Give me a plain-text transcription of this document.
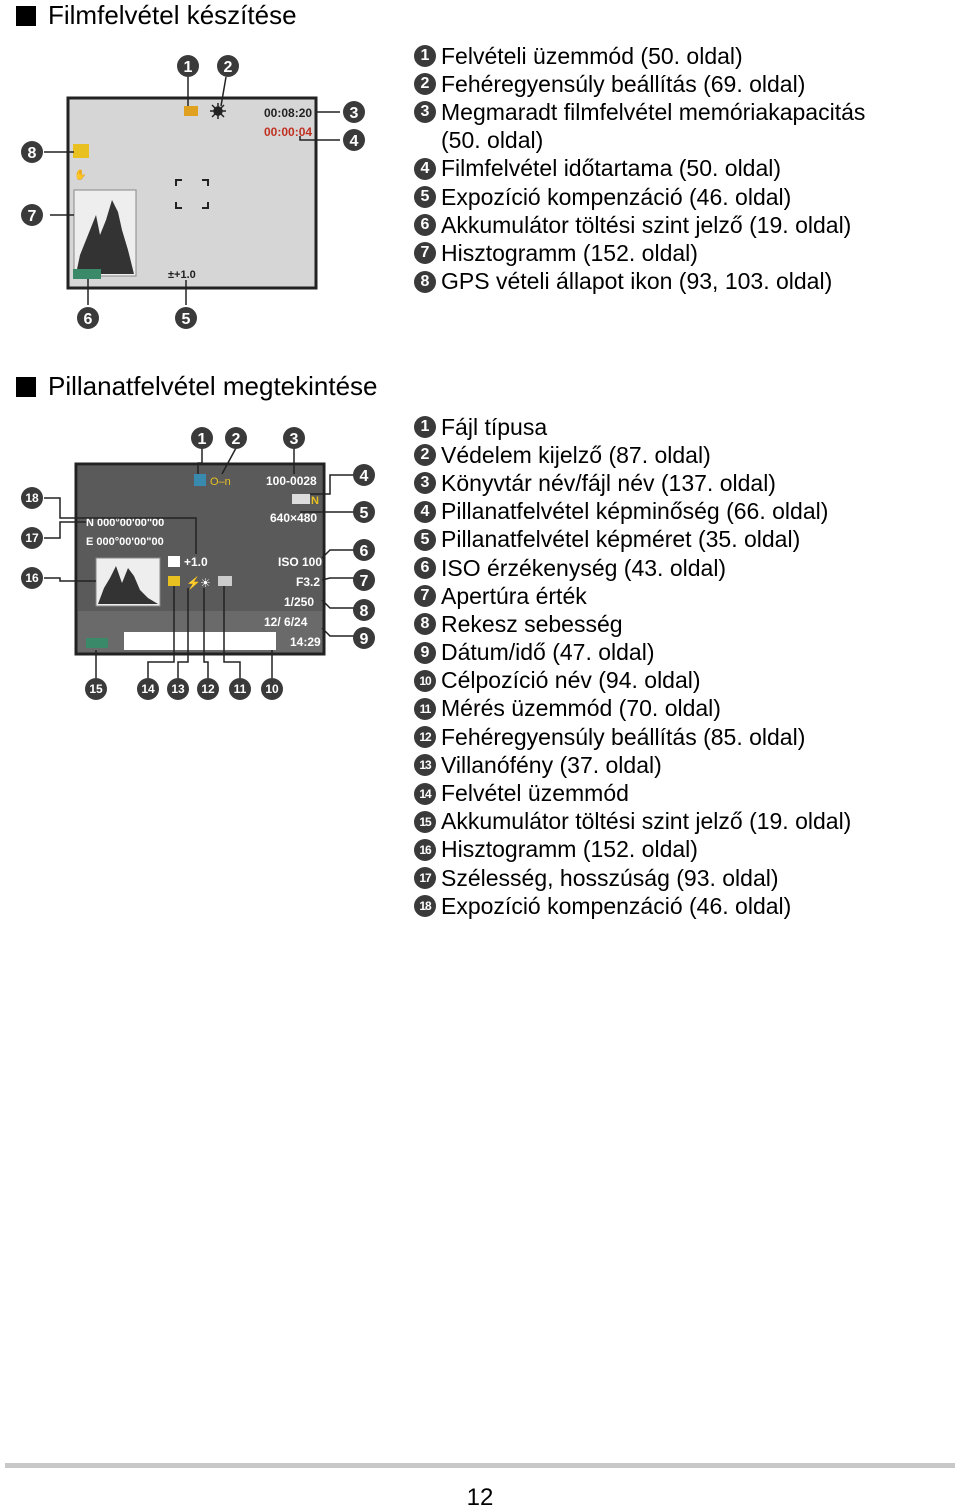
Filmfelvétel készítése
00:08:20
00:00:04
✋
±+1.0
1 2
3
4
8
7
6	5
1 Felvételi üzemmód (50. oldal)
2 Fehéregyensúly beállítás (69. oldal)
3 Megmaradt filmfelvétel memóriakapacitás
(50. oldal)
4 Filmfelvétel időtartama (50. oldal)
5 Expozíció kompenzáció (46. oldal)
6 Akkumulátor töltési szint jelző (19. oldal)
7 Hisztogramm (152. oldal)
8 GPS vételi állapot ikon (93, 103. oldal)
Pillanatfelvétel megtekintése
O‒n	100-0028
N
640×480
N 000°00'00"00
E 000°00'00"00
+1.0	ISO 100
⚡ ☀	F3.2
1/250
12/ 6/24
14:29
1 2	3
4
5
6
7
8
9
18
17
16
15	14 13 12 11 10
1 Fájl típusa
2 Védelem kijelző (87. oldal)
3 Könyvtár név/fájl név (137. oldal)
4 Pillanatfelvétel képminőség (66. oldal)
5 Pillanatfelvétel képméret (35. oldal)
6 ISO érzékenység (43. oldal)
7 Apertúra érték
8 Rekesz sebesség
9 Dátum/idő (47. oldal)
10 Célpozíció név (94. oldal)
11 Mérés üzemmód (70. oldal)
12 Fehéregyensúly beállítás (85. oldal)
13 Villanófény (37. oldal)
14 Felvétel üzemmód
15 Akkumulátor töltési szint jelző (19. oldal)
16 Hisztogramm (152. oldal)
17 Szélesség, hosszúság (93. oldal)
18 Expozíció kompenzáció (46. oldal)
12
